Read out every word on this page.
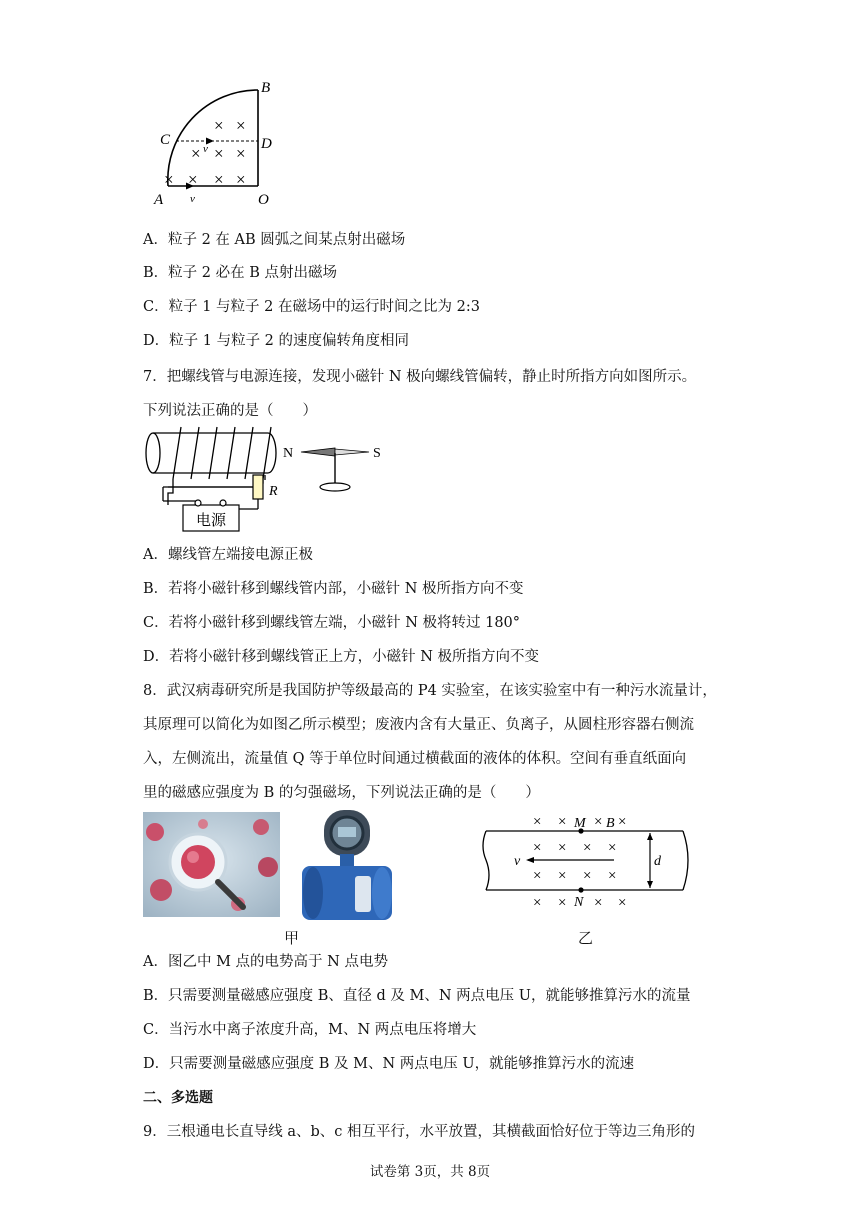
B
C	D
A	O
v
v
× ×
× × ×
× × × ×
A．粒子 2 在 AB 圆弧之间某点射出磁场
B．粒子 2 必在 B 点射出磁场
C．粒子 1 与粒子 2 在磁场中的运行时间之比为 2:3
D．粒子 1 与粒子 2 的速度偏转角度相同
7．把螺线管与电源连接，发现小磁针 N 极向螺线管偏转，静止时所指方向如图所示。
下列说法正确的是（　　）
电源
R
N	S
A．螺线管左端接电源正极
B．若将小磁针移到螺线管内部，小磁针 N 极所指方向不变
C．若将小磁针移到螺线管左端，小磁针 N 极将转过 180°
D．若将小磁针移到螺线管正上方，小磁针 N 极所指方向不变
8．武汉病毒研究所是我国防护等级最高的 P4 实验室，在该实验室中有一种污水流量计，
其原理可以简化为如图乙所示模型；废液内含有大量正、负离子，从圆柱形容器右侧流
入，左侧流出，流量值 Q 等于单位时间通过横截面的液体的体积。空间有垂直纸面向
里的磁感应强度为 B 的匀强磁场，下列说法正确的是（　　）
甲
M B
N
v	d
× × × ×
× × × ×
× × × ×
× × × ×
乙
A．图乙中 M 点的电势高于 N 点电势
B．只需要测量磁感应强度 B、直径 d 及 M、N 两点电压 U，就能够推算污水的流量
C．当污水中离子浓度升高，M、N 两点电压将增大
D．只需要测量磁感应强度 B 及 M、N 两点电压 U，就能够推算污水的流速
二、多选题
9．三根通电长直导线 a、b、c 相互平行，水平放置，其横截面恰好位于等边三角形的
试卷第 3页，共 8页
